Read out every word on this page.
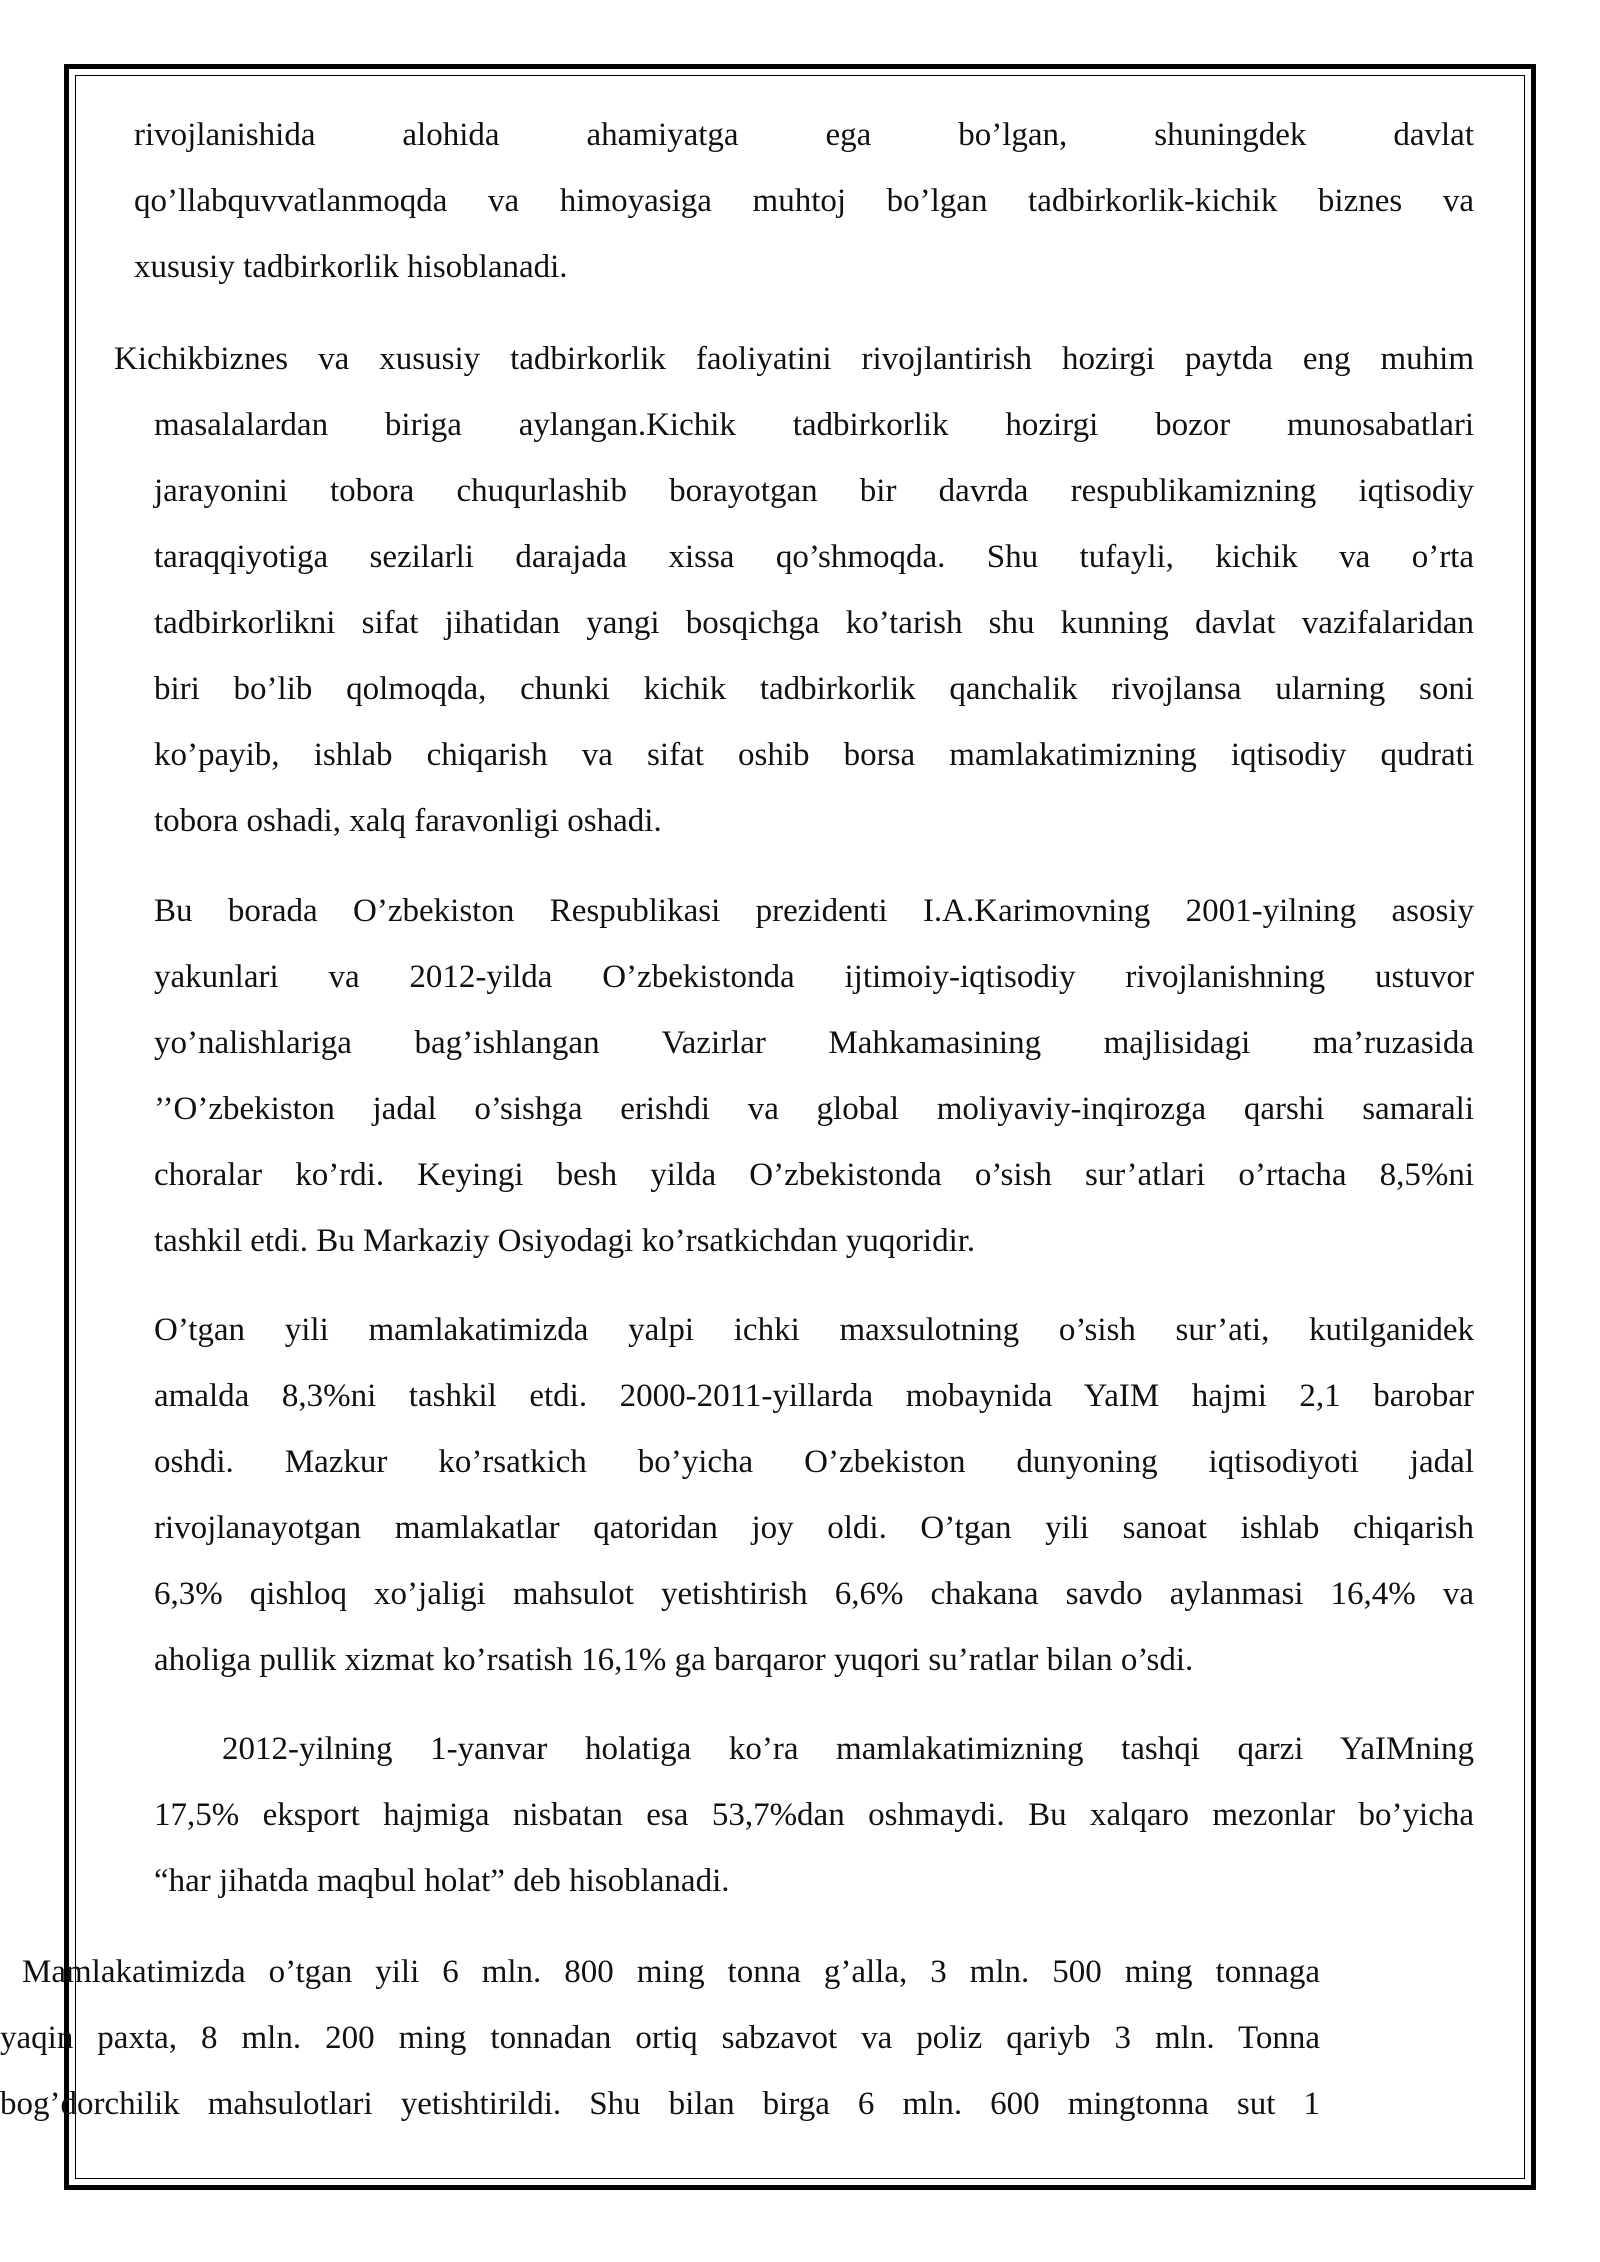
rivojlanishida alohida ahamiyatga ega bo’lgan, shuningdek davlat
qo’llabquvvatlanmoqda va himoyasiga muhtoj bo’lgan tadbirkorlik-kichik biznes va
xususiy tadbirkorlik hisoblanadi.
Kichikbiznes va xususiy tadbirkorlik faoliyatini rivojlantirish hozirgi paytda eng muhim
masalalardan biriga aylangan.Kichik tadbirkorlik hozirgi bozor munosabatlari
jarayonini tobora chuqurlashib borayotgan bir davrda respublikamizning iqtisodiy
taraqqiyotiga sezilarli darajada xissa qo’shmoqda. Shu tufayli, kichik va o’rta
tadbirkorlikni sifat jihatidan yangi bosqichga ko’tarish shu kunning davlat vazifalaridan
biri bo’lib qolmoqda, chunki kichik tadbirkorlik qanchalik rivojlansa ularning soni
ko’payib, ishlab chiqarish va sifat oshib borsa mamlakatimizning iqtisodiy qudrati
tobora oshadi, xalq faravonligi oshadi.
Bu borada O’zbekiston Respublikasi prezidenti I.A.Karimovning 2001-yilning asosiy
yakunlari va 2012-yilda O’zbekistonda ijtimoiy-iqtisodiy rivojlanishning ustuvor
yo’nalishlariga bag’ishlangan Vazirlar Mahkamasining majlisidagi ma’ruzasida
’’O’zbekiston jadal o’sishga erishdi va global moliyaviy-inqirozga qarshi samarali
choralar ko’rdi. Keyingi besh yilda O’zbekistonda o’sish sur’atlari o’rtacha 8,5%ni
tashkil etdi. Bu Markaziy Osiyodagi ko’rsatkichdan yuqoridir.
O’tgan yili mamlakatimizda yalpi ichki maxsulotning o’sish sur’ati, kutilganidek
amalda 8,3%ni tashkil etdi. 2000-2011-yillarda mobaynida YaIM hajmi 2,1 barobar
oshdi. Mazkur ko’rsatkich bo’yicha O’zbekiston dunyoning iqtisodiyoti jadal
rivojlanayotgan mamlakatlar qatoridan joy oldi. O’tgan yili sanoat ishlab chiqarish
6,3% qishloq xo’jaligi mahsulot yetishtirish 6,6% chakana savdo aylanmasi 16,4% va
aholiga pullik xizmat ko’rsatish 16,1% ga barqaror yuqori su’ratlar bilan o’sdi.
2012-yilning 1-yanvar holatiga ko’ra mamlakatimizning tashqi qarzi YaIMning
17,5% eksport hajmiga nisbatan esa 53,7%dan oshmaydi. Bu xalqaro mezonlar bo’yicha
“har jihatda maqbul holat” deb hisoblanadi.
Mamlakatimizda o’tgan yili 6 mln. 800 ming tonna g’alla, 3 mln. 500 ming tonnaga
yaqin paxta, 8 mln. 200 ming tonnadan ortiq sabzavot va poliz qariyb 3 mln. Tonna
bog’dorchilik mahsulotlari yetishtirildi. Shu bilan birga 6 mln. 600 mingtonna sut 1
